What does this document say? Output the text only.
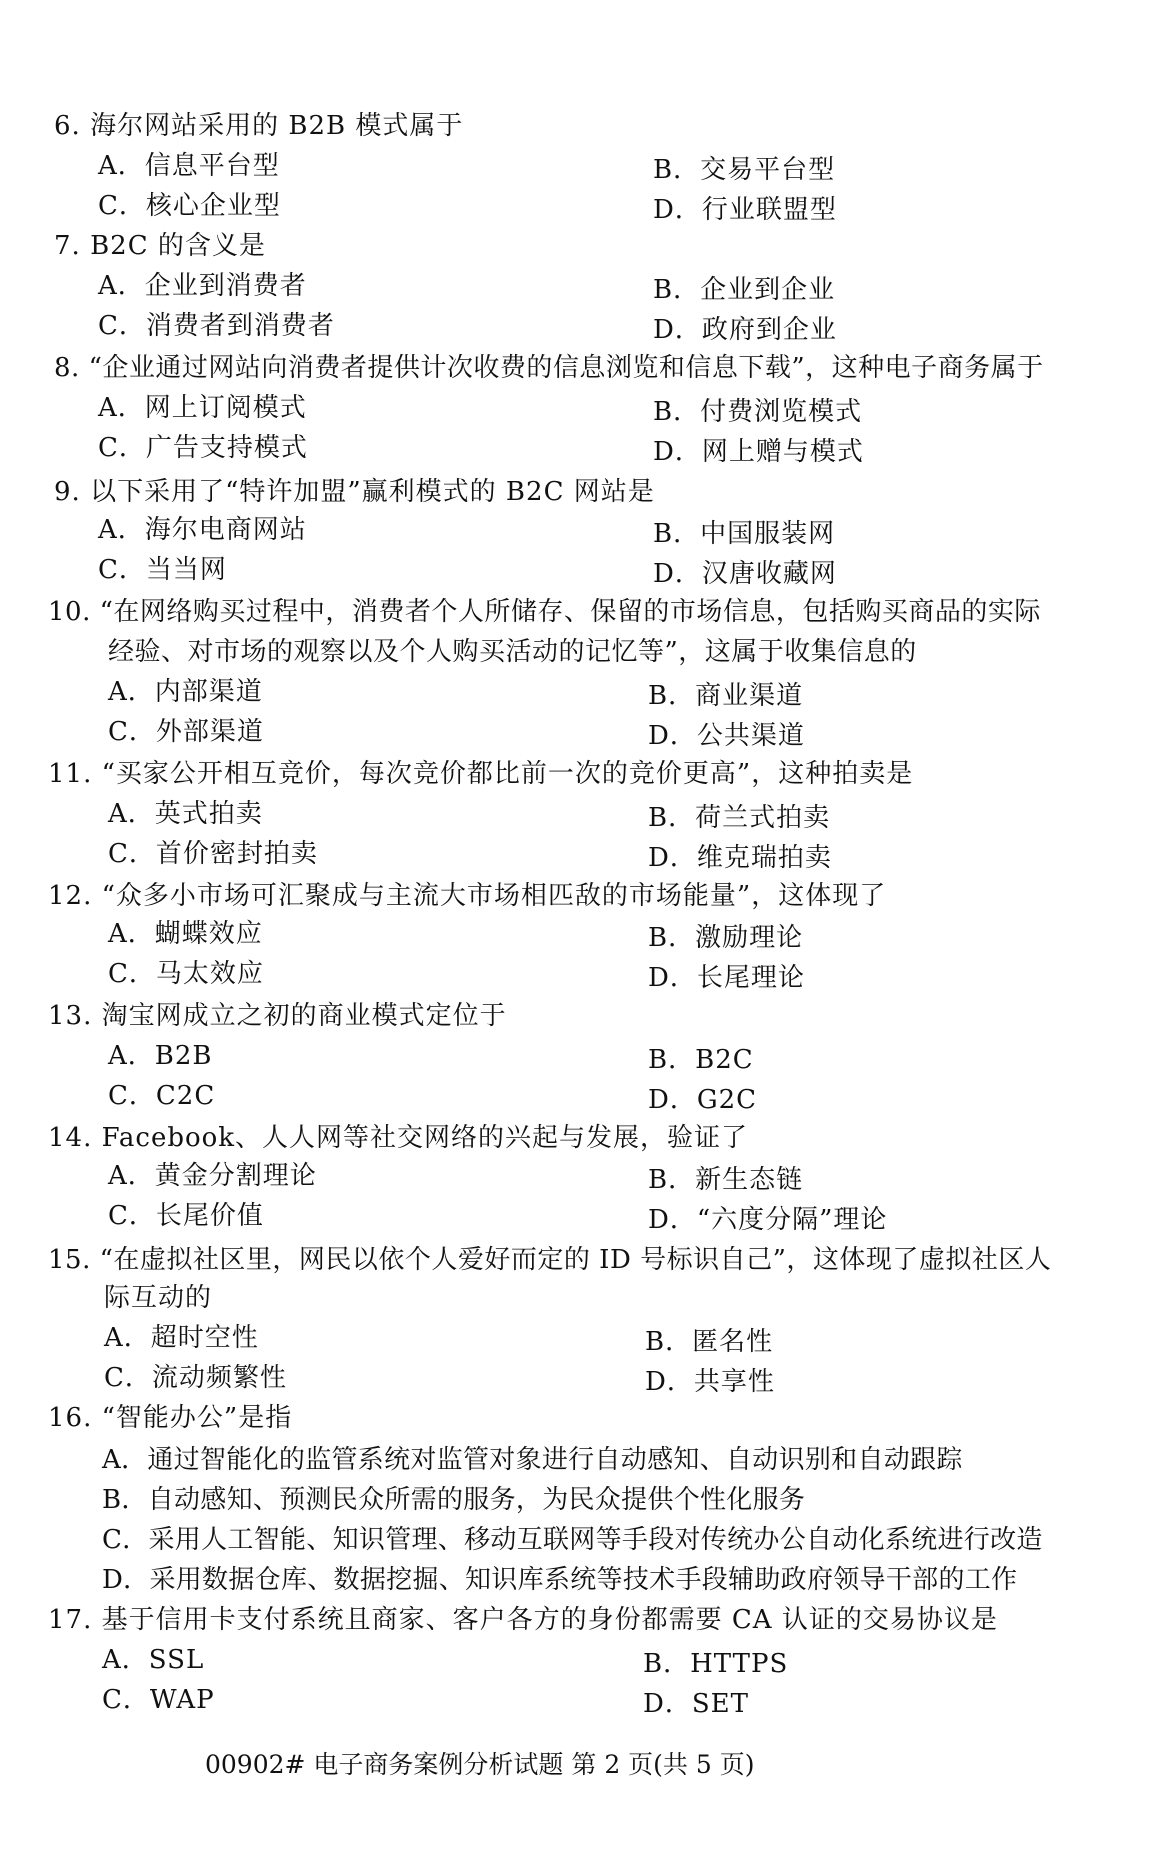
6. 海尔网站采用的 B2B 模式属于
A．信息平台型	B．交易平台型
C．核心企业型	D．行业联盟型
7. B2C 的含义是
A．企业到消费者	B．企业到企业
C．消费者到消费者	D．政府到企业
8. “企业通过网站向消费者提供计次收费的信息浏览和信息下载”，这种电子商务属于
A．网上订阅模式	B．付费浏览模式
C．广告支持模式	D．网上赠与模式
9. 以下采用了“特许加盟”赢利模式的 B2C 网站是
A．海尔电商网站	B．中国服装网
C．当当网	D．汉唐收藏网
10. “在网络购买过程中，消费者个人所储存、保留的市场信息，包括购买商品的实际
经验、对市场的观察以及个人购买活动的记忆等”，这属于收集信息的
A．内部渠道	B．商业渠道
C．外部渠道	D．公共渠道
11. “买家公开相互竞价，每次竞价都比前一次的竞价更高”，这种拍卖是
A．英式拍卖	B．荷兰式拍卖
C．首价密封拍卖	D．维克瑞拍卖
12. “众多小市场可汇聚成与主流大市场相匹敌的市场能量”，这体现了
A．蝴蝶效应	B．激励理论
C．马太效应	D．长尾理论
13. 淘宝网成立之初的商业模式定位于
A．B2B	B．B2C
C．C2C	D．G2C
14. Facebook、人人网等社交网络的兴起与发展，验证了
A．黄金分割理论	B．新生态链
C．长尾价值	D．“六度分隔”理论
15. “在虚拟社区里，网民以依个人爱好而定的 ID 号标识自己”，这体现了虚拟社区人
际互动的
A．超时空性	B．匿名性
C．流动频繁性	D．共享性
16. “智能办公”是指
A．通过智能化的监管系统对监管对象进行自动感知、自动识别和自动跟踪
B．自动感知、预测民众所需的服务，为民众提供个性化服务
C．采用人工智能、知识管理、移动互联网等手段对传统办公自动化系统进行改造
D．采用数据仓库、数据挖掘、知识库系统等技术手段辅助政府领导干部的工作
17. 基于信用卡支付系统且商家、客户各方的身份都需要 CA 认证的交易协议是
A．SSL	B．HTTPS
C．WAP	D．SET
00902# 电子商务案例分析试题 第 2 页(共 5 页)
